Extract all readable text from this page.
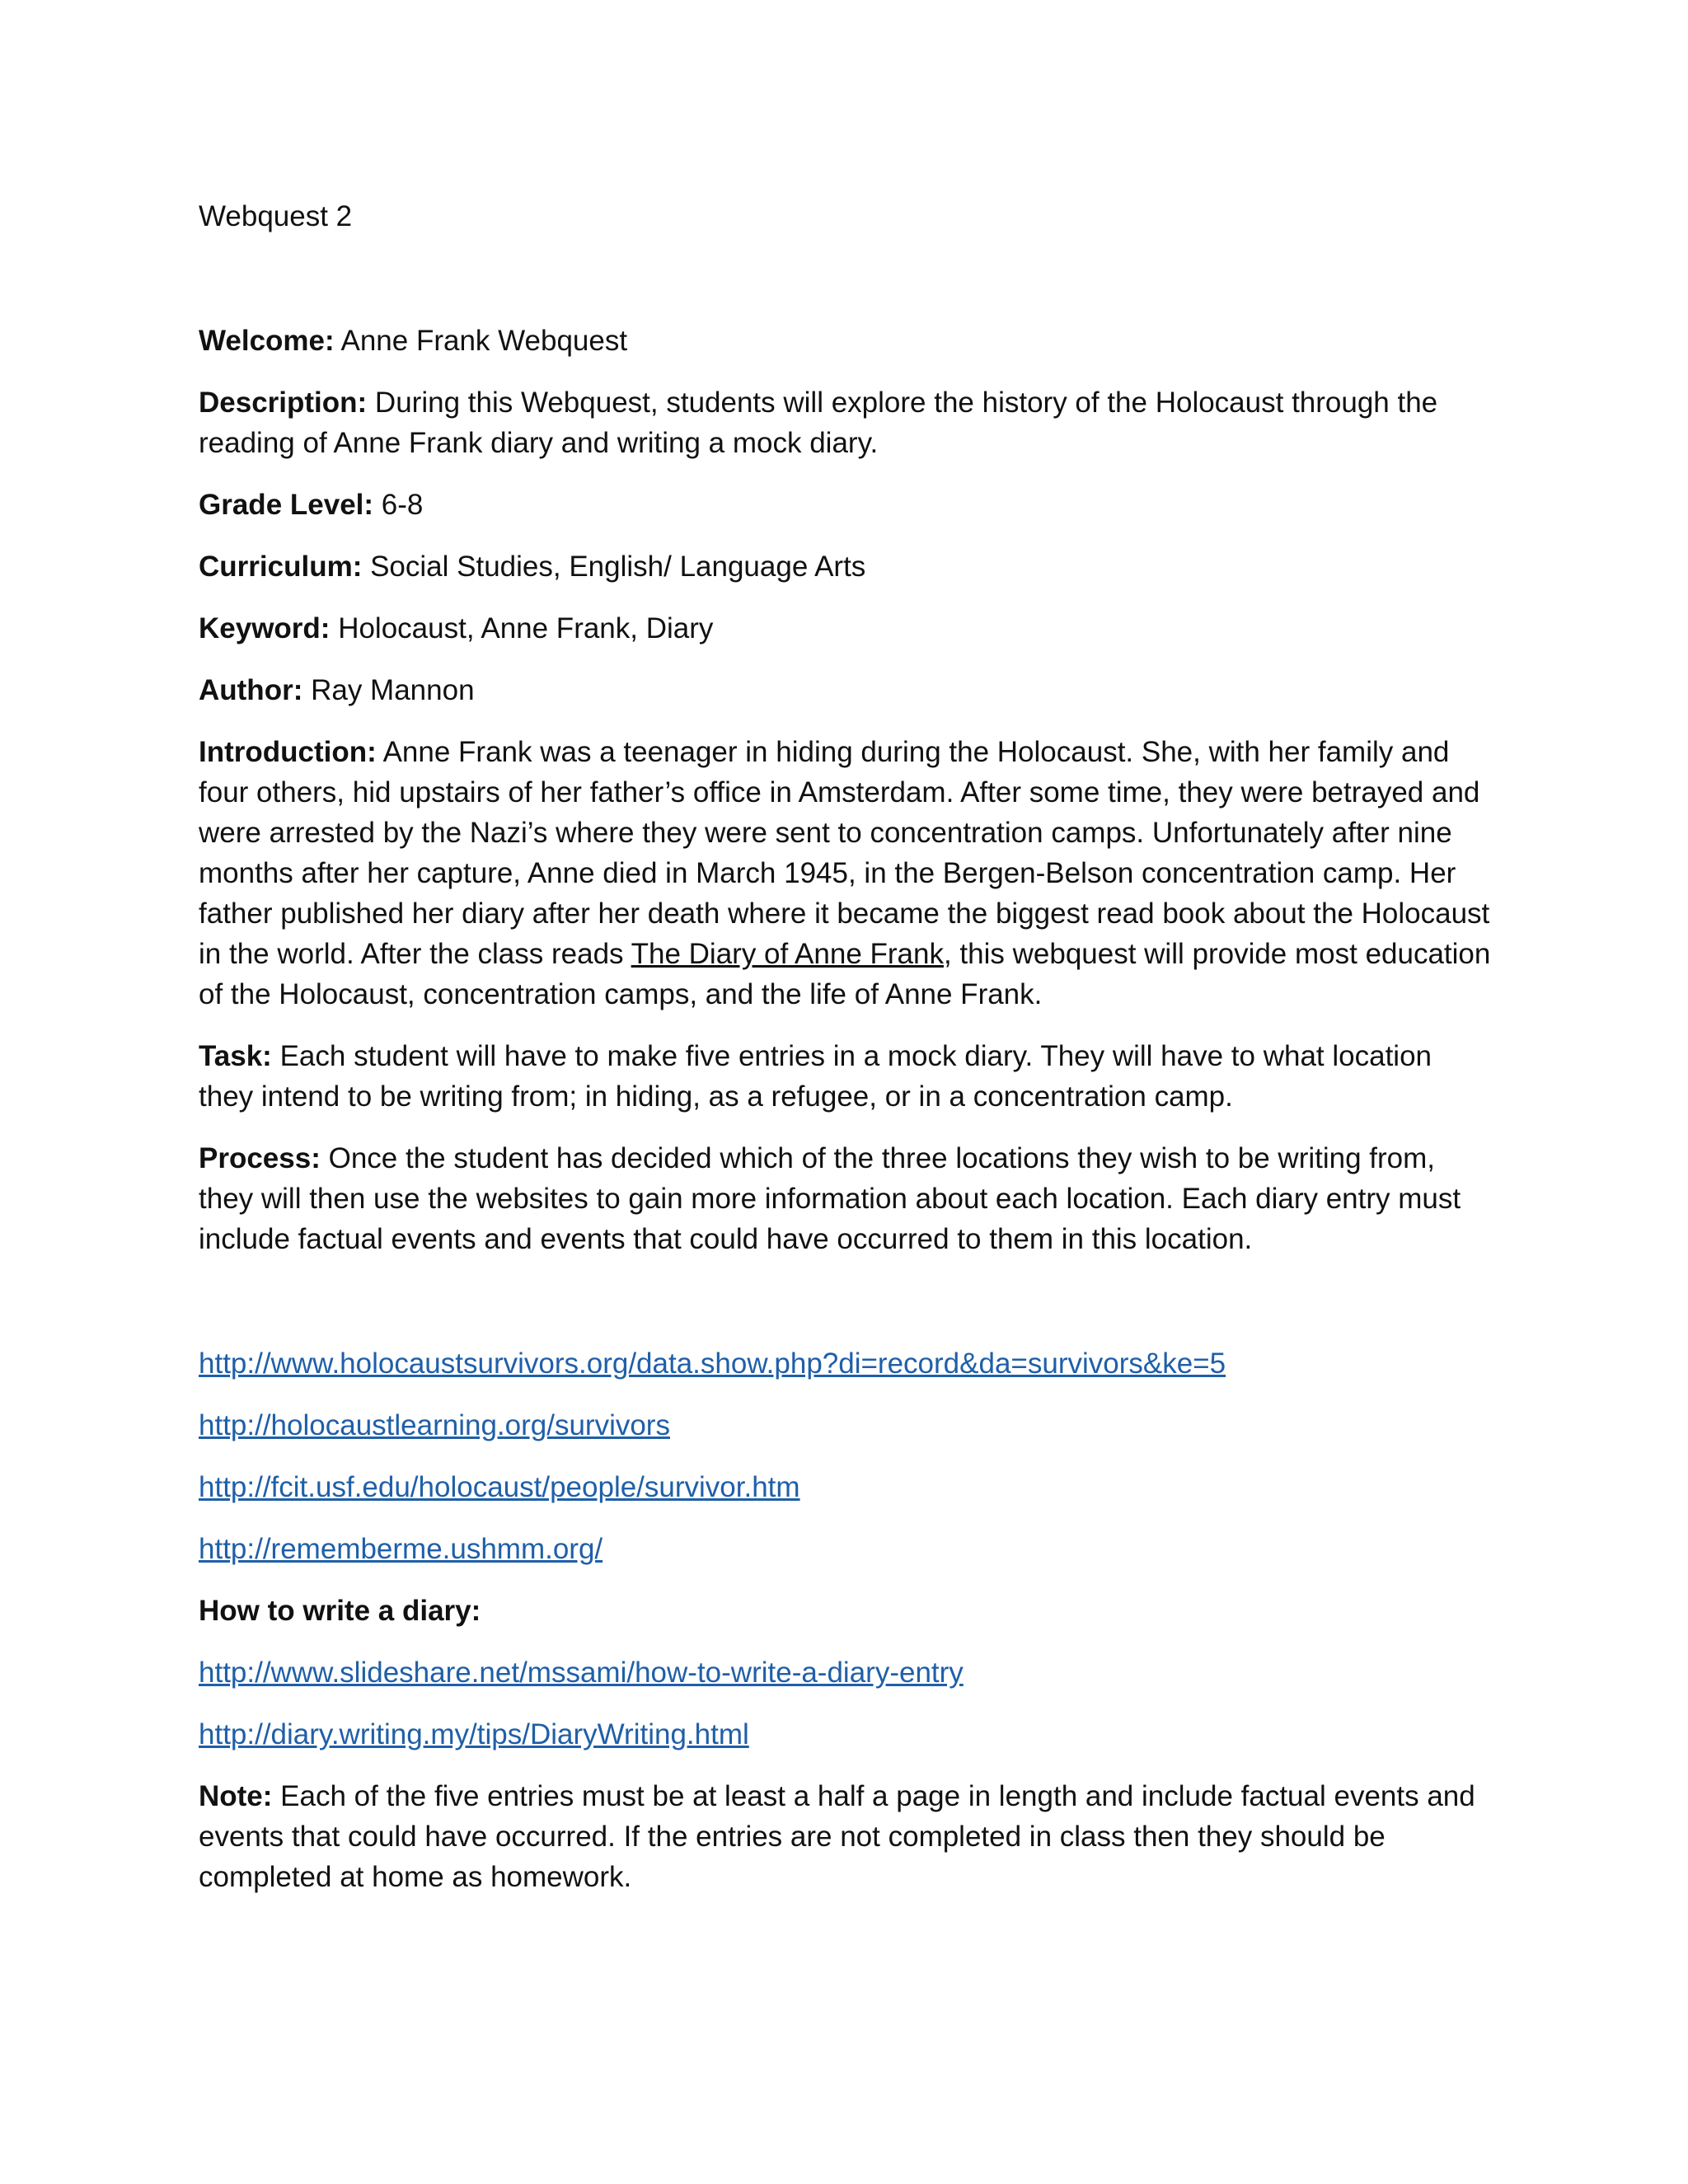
Webquest 2

Welcome: Anne Frank Webquest

Description: During this Webquest, students will explore the history of the Holocaust through the reading of Anne Frank diary and writing a mock diary.

Grade Level: 6-8

Curriculum: Social Studies, English/ Language Arts

Keyword: Holocaust, Anne Frank, Diary

Author: Ray Mannon

Introduction: Anne Frank was a teenager in hiding during the Holocaust. She, with her family and four others, hid upstairs of her father’s office in Amsterdam. After some time, they were betrayed and were arrested by the Nazi’s where they were sent to concentration camps. Unfortunately after nine months after her capture, Anne died in March 1945, in the Bergen-Belson concentration camp. Her father published her diary after her death where it became the biggest read book about the Holocaust in the world. After the class reads The Diary of Anne Frank, this webquest will provide most education of the Holocaust, concentration camps, and the life of Anne Frank.

Task: Each student will have to make five entries in a mock diary. They will have to what location they intend to be writing from; in hiding, as a refugee, or in a concentration camp.

Process: Once the student has decided which of the three locations they wish to be writing from, they will then use the websites to gain more information about each location. Each diary entry must include factual events and events that could have occurred to them in this location.

http://www.holocaustsurvivors.org/data.show.php?di=record&da=survivors&ke=5

http://holocaustlearning.org/survivors

http://fcit.usf.edu/holocaust/people/survivor.htm

http://rememberme.ushmm.org/

How to write a diary:

http://www.slideshare.net/mssami/how-to-write-a-diary-entry

http://diary.writing.my/tips/DiaryWriting.html

Note: Each of the five entries must be at least a half a page in length and include factual events and events that could have occurred. If the entries are not completed in class then they should be completed at home as homework.
